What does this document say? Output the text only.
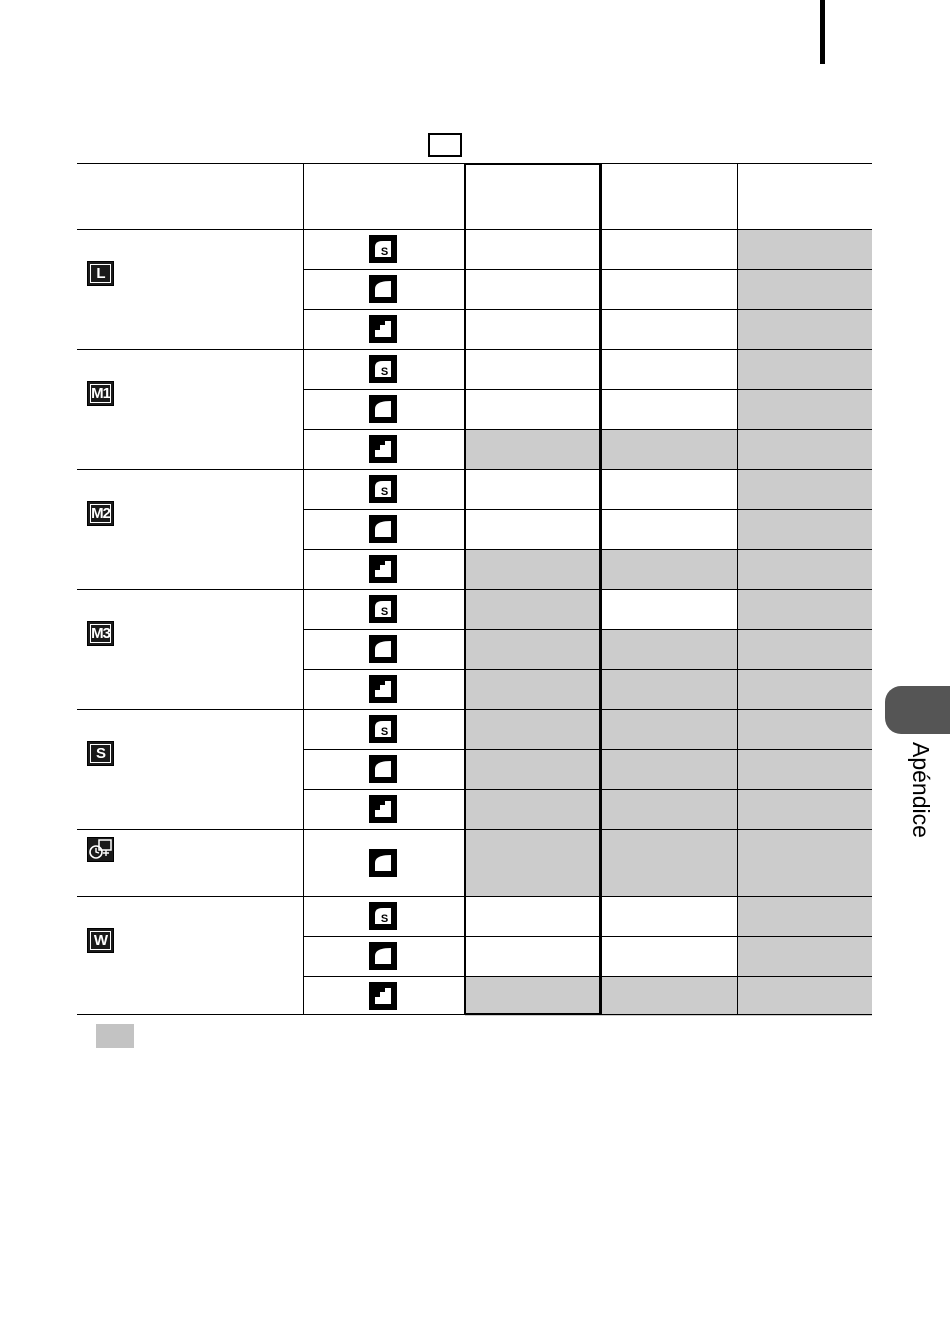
L
S
M1
S
M2
S
M3
S
S
S
W
S
Apéndice
